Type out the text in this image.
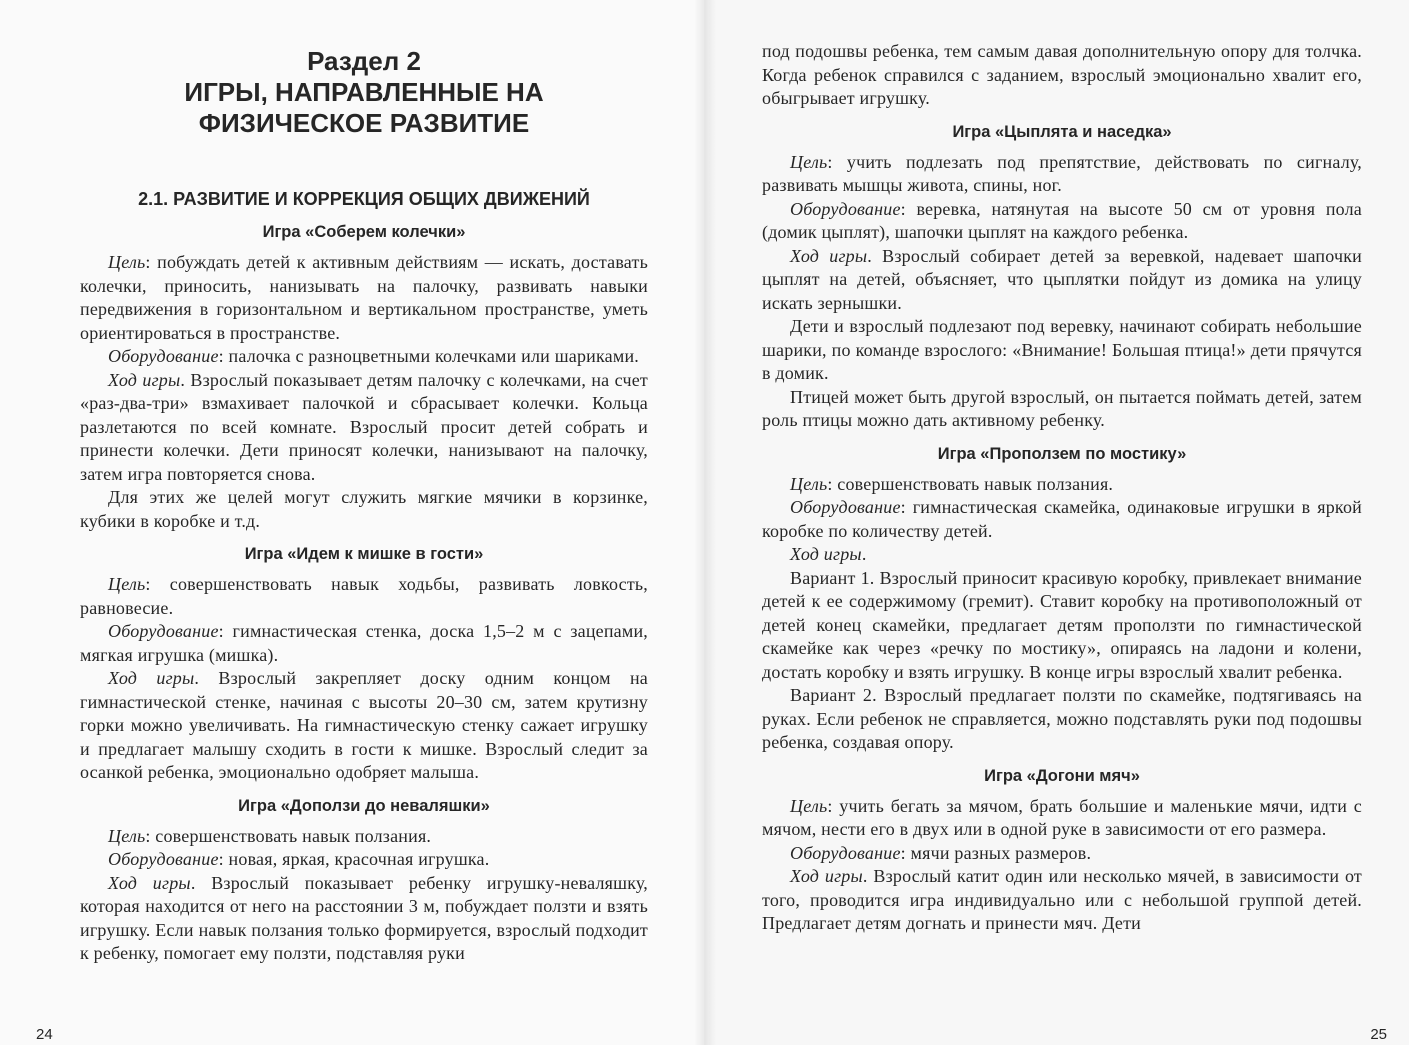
Раздел 2
ИГРЫ, НАПРАВЛЕННЫЕ НА ФИЗИЧЕСКОЕ РАЗВИТИЕ
2.1. РАЗВИТИЕ И КОРРЕКЦИЯ ОБЩИХ ДВИЖЕНИЙ
Игра «Соберем колечки»

Цель: побуждать детей к активным действиям — искать, доставать колечки, приносить, нанизывать на палочку, развивать навыки передвижения в горизонтальном и вертикальном пространстве, уметь ориентироваться в пространстве.

Оборудование: палочка с разноцветными колечками или шариками.

Ход игры. Взрослый показывает детям палочку с колечками, на счет «раз-два-три» взмахивает палочкой и сбрасывает колечки. Кольца разлетаются по всей комнате. Взрослый просит детей собрать и принести колечки. Дети приносят колечки, нанизывают на палочку, затем игра повторяется снова.

Для этих же целей могут служить мягкие мячики в корзинке, кубики в коробке и т.д.

Игра «Идем к мишке в гости»

Цель: совершенствовать навык ходьбы, развивать ловкость, равновесие.

Оборудование: гимнастическая стенка, доска 1,5–2 м с зацепами, мягкая игрушка (мишка).

Ход игры. Взрослый закрепляет доску одним концом на гимнастической стенке, начиная с высоты 20–30 см, затем крутизну горки можно увеличивать. На гимнастическую стенку сажает игрушку и предлагает малышу сходить в гости к мишке. Взрослый следит за осанкой ребенка, эмоционально одобряет малыша.

Игра «Доползи до неваляшки»

Цель: совершенствовать навык ползания.

Оборудование: новая, яркая, красочная игрушка.

Ход игры. Взрослый показывает ребенку игрушку-неваляшку, которая находится от него на расстоянии 3 м, побуждает ползти и взять игрушку. Если навык ползания только формируется, взрослый подходит к ребенку, помогает ему ползти, подставляя руки

24

под подошвы ребенка, тем самым давая дополнительную опору для толчка. Когда ребенок справился с заданием, взрослый эмоционально хвалит его, обыгрывает игрушку.

Игра «Цыплята и наседка»

Цель: учить подлезать под препятствие, действовать по сигналу, развивать мышцы живота, спины, ног.

Оборудование: веревка, натянутая на высоте 50 см от уровня пола (домик цыплят), шапочки цыплят на каждого ребенка.

Ход игры. Взрослый собирает детей за веревкой, надевает шапочки цыплят на детей, объясняет, что цыплятки пойдут из домика на улицу искать зернышки.

Дети и взрослый подлезают под веревку, начинают собирать небольшие шарики, по команде взрослого: «Внимание! Большая птица!» дети прячутся в домик.

Птицей может быть другой взрослый, он пытается поймать детей, затем роль птицы можно дать активному ребенку.

Игра «Проползем по мостику»

Цель: совершенствовать навык ползания.

Оборудование: гимнастическая скамейка, одинаковые игрушки в яркой коробке по количеству детей.

Ход игры.

Вариант 1. Взрослый приносит красивую коробку, привлекает внимание детей к ее содержимому (гремит). Ставит коробку на противоположный от детей конец скамейки, предлагает детям проползти по гимнастической скамейке как через «речку по мостику», опираясь на ладони и колени, достать коробку и взять игрушку. В конце игры взрослый хвалит ребенка.

Вариант 2. Взрослый предлагает ползти по скамейке, подтягиваясь на руках. Если ребенок не справляется, можно подставлять руки под подошвы ребенка, создавая опору.

Игра «Догони мяч»

Цель: учить бегать за мячом, брать большие и маленькие мячи, идти с мячом, нести его в двух или в одной руке в зависимости от его размера.

Оборудование: мячи разных размеров.

Ход игры. Взрослый катит один или несколько мячей, в зависимости от того, проводится игра индивидуально или с небольшой группой детей. Предлагает детям догнать и принести мяч. Дети

25
